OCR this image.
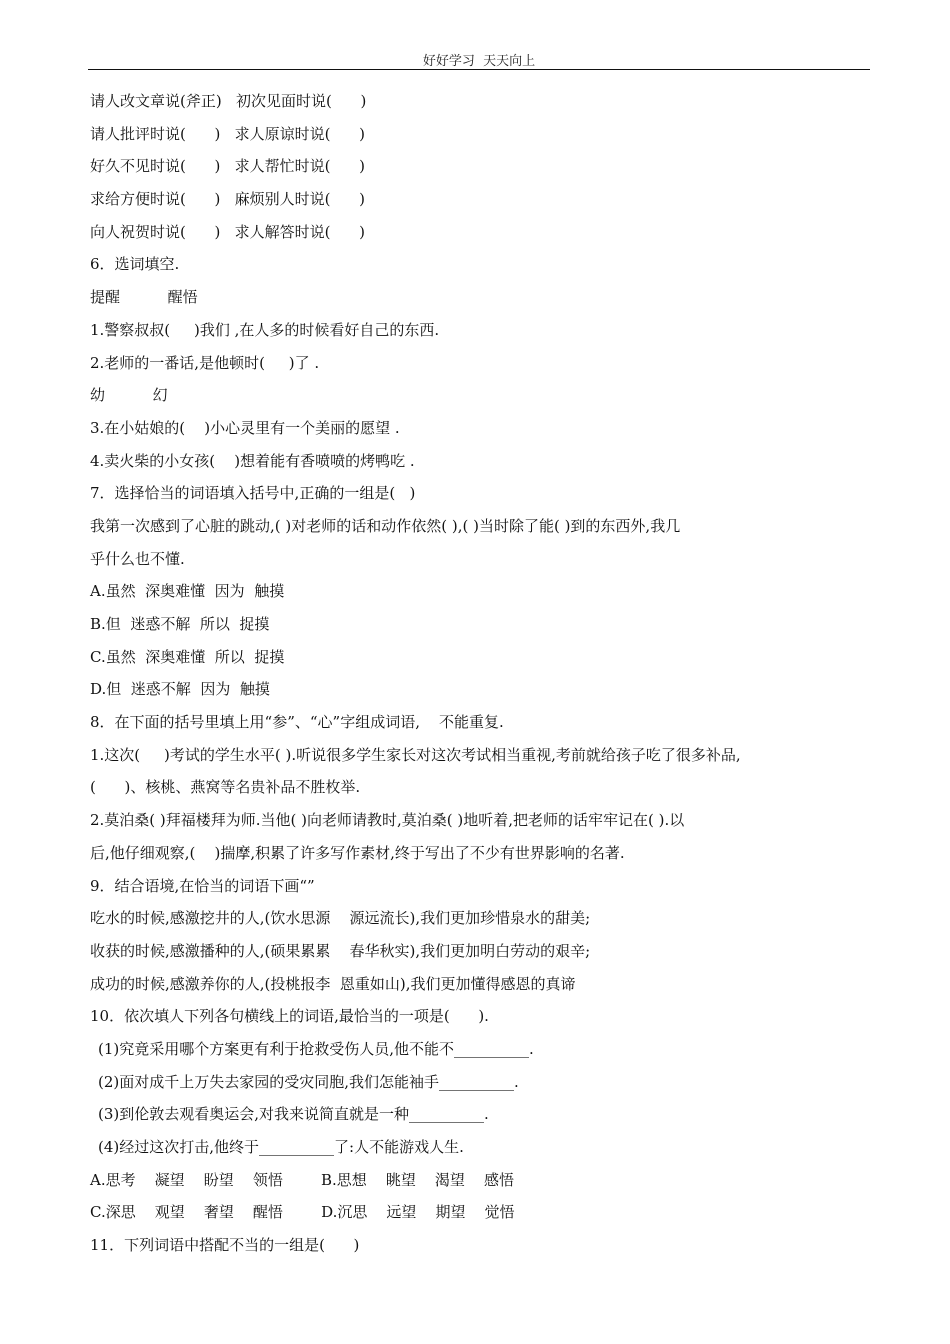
好好学习  天天向上
请人改文章说(斧正)   初次见面时说(      )
请人批评时说(      )   求人原谅时说(      )
好久不见时说(      )   求人帮忙时说(      )
求给方便时说(      )   麻烦别人时说(      )
向人祝贺时说(      )   求人解答时说(      )
6．选词填空.
提醒          醒悟
1.警察叔叔(     )我们 ,在人多的时候看好自己的东西.
2.老师的一番话,是他顿时(     )了 .
幼          幻
3.在小姑娘的(    )小心灵里有一个美丽的愿望 .
4.卖火柴的小女孩(    )想着能有香喷喷的烤鸭吃 .
7．选择恰当的词语填入括号中,正确的一组是(   )
我第一次感到了心脏的跳动,( )对老师的话和动作依然( ),( )当时除了能( )到的东西外,我几
乎什么也不懂.
A.虽然  深奥难懂  因为  触摸
B.但  迷惑不解  所以  捉摸
C.虽然  深奥难懂  所以  捉摸
D.但  迷惑不解  因为  触摸
8．在下面的括号里填上用“参”、“心”字组成词语,    不能重复.
1.这次(     )考试的学生水平( ).听说很多学生家长对这次考试相当重视,考前就给孩子吃了很多补品,
(      )、核桃、燕窝等名贵补品不胜枚举.
2.莫泊桑( )拜福楼拜为师.当他( )向老师请教时,莫泊桑( )地听着,把老师的话牢牢记在( ).以
后,他仔细观察,(    )揣摩,积累了许多写作素材,终于写出了不少有世界影响的名著.
9．结合语境,在恰当的词语下画“”
吃水的时候,感激挖井的人,(饮水思源    源远流长),我们更加珍惜泉水的甜美;
收获的时候,感激播种的人,(硕果累累    春华秋实),我们更加明白劳动的艰辛;
成功的时候,感激养你的人,(投桃报李  恩重如山),我们更加懂得感恩的真谛
10．依次填人下列各句横线上的词语,最恰当的一项是(      ).
(1)究竟采用哪个方案更有利于抢救受伤人员,他不能不__________.
(2)面对成千上万失去家园的受灾同胞,我们怎能袖手__________.
(3)到伦敦去观看奥运会,对我来说简直就是一种__________.
(4)经过这次打击,他终于__________了:人不能游戏人生.
A.思考    凝望    盼望    领悟        B.思想    眺望    渴望    感悟
C.深思    观望    奢望    醒悟        D.沉思    远望    期望    觉悟
11．下列词语中搭配不当的一组是(      )
